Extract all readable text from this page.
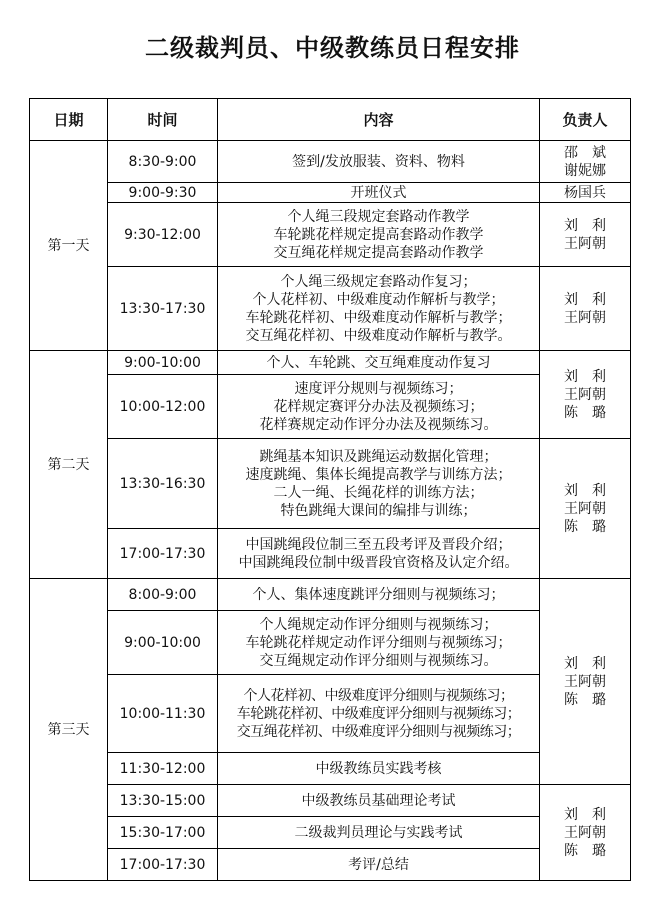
二级裁判员、中级教练员日程安排
日期	时间	内容	负责人
第一天	8:30-9:00	签到/发放服装、资料、物料	邵　斌
谢妮娜
	9:00-9:30	开班仪式	杨国兵
	9:30-12:00	个人绳三段规定套路动作教学
车轮跳花样规定提高套路动作教学
交互绳花样规定提高套路动作教学	刘　利
王阿朝
	13:30-17:30	个人绳三级规定套路动作复习；
个人花样初、中级难度动作解析与教学；
车轮跳花样初、中级难度动作解析与教学；
交互绳花样初、中级难度动作解析与教学。	刘　利
王阿朝
第二天	9:00-10:00	个人、车轮跳、交互绳难度动作复习	刘　利
王阿朝
陈　璐
	10:00-12:00	速度评分规则与视频练习；
花样规定赛评分办法及视频练习；
花样赛规定动作评分办法及视频练习。	
	13:30-16:30	跳绳基本知识及跳绳运动数据化管理；
速度跳绳、集体长绳提高教学与训练方法；
二人一绳、长绳花样的训练方法；
特色跳绳大课间的编排与训练；	刘　利
王阿朝
陈　璐
	17:00-17:30	中国跳绳段位制三至五段考评及晋段介绍；
中国跳绳段位制中级晋段官资格及认定介绍。	
第三天	8:00-9:00	个人、集体速度跳评分细则与视频练习；	刘　利
王阿朝
陈　璐
	9:00-10:00	个人绳规定动作评分细则与视频练习；
车轮跳花样规定动作评分细则与视频练习；
交互绳规定动作评分细则与视频练习。	
	10:00-11:30	个人花样初、中级难度评分细则与视频练习；
车轮跳花样初、中级难度评分细则与视频练习；
交互绳花样初、中级难度评分细则与视频练习；	
	11:30-12:00	中级教练员实践考核	
	13:30-15:00	中级教练员基础理论考试	刘　利
王阿朝
陈　璐
	15:30-17:00	二级裁判员理论与实践考试	
	17:00-17:30	考评/总结	
